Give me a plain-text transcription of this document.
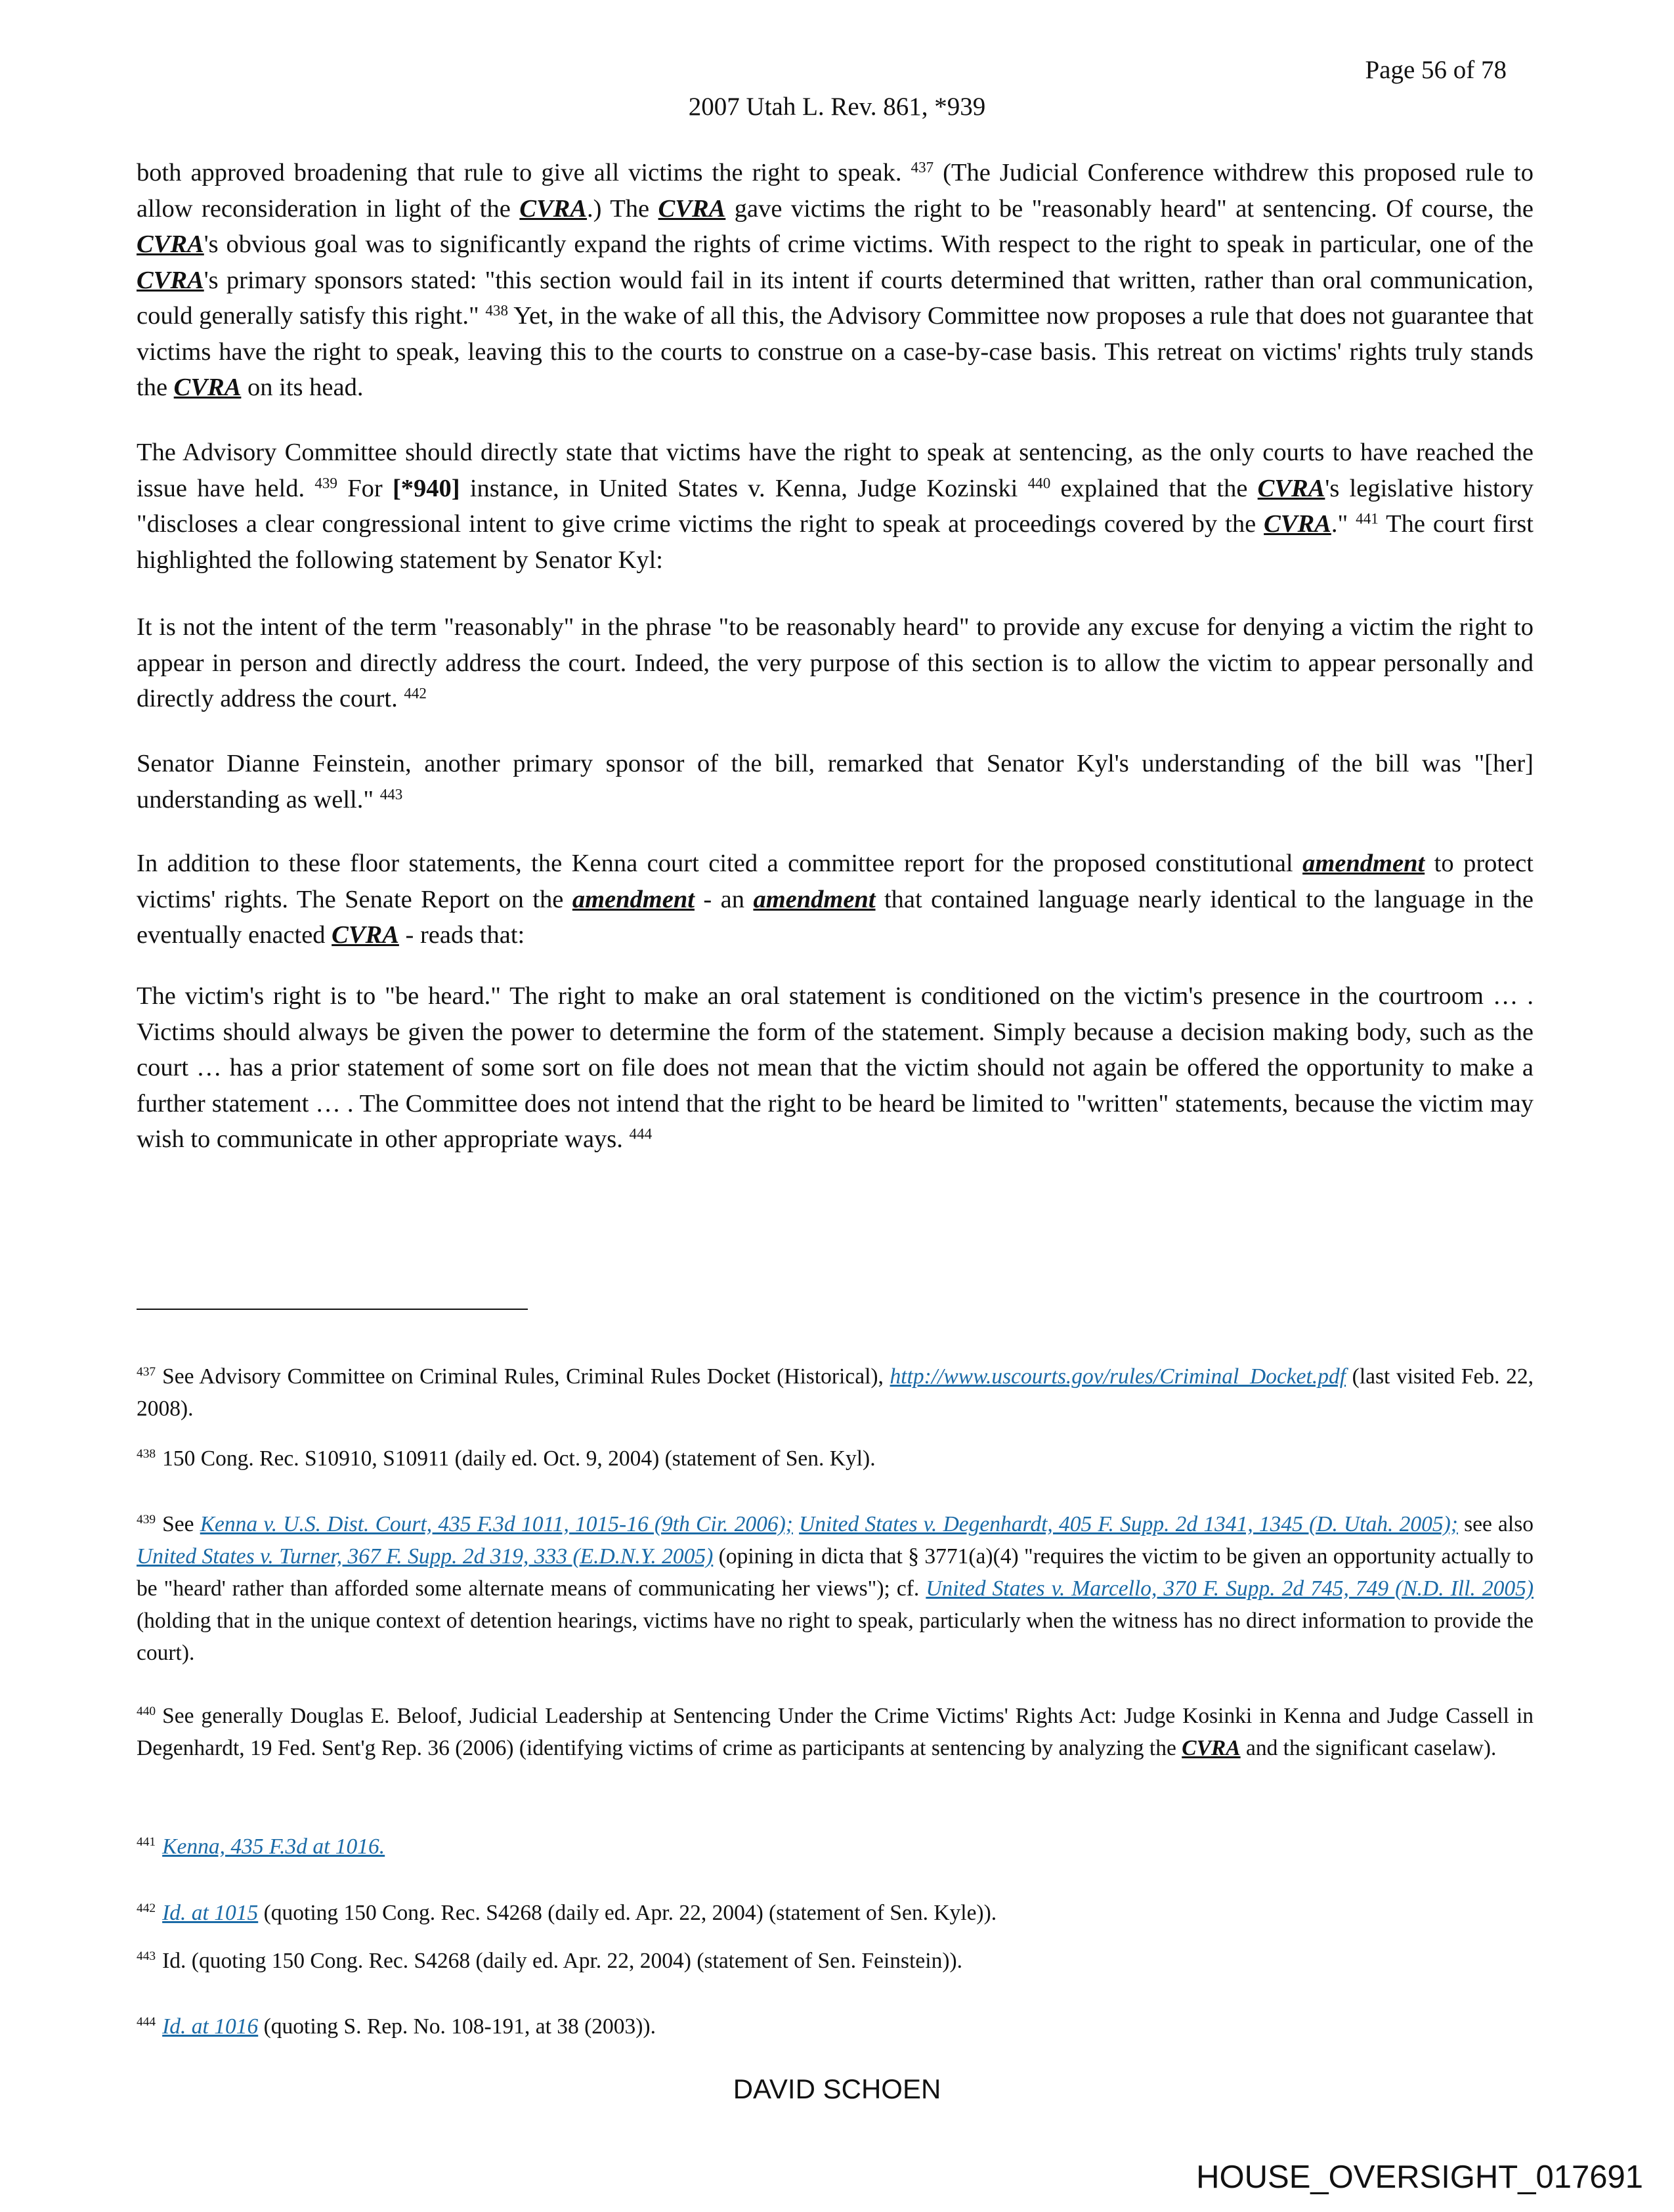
Page 56 of 78
2007 Utah L. Rev. 861, *939
both approved broadening that rule to give all victims the right to speak. $^{437}$ (The Judicial Conference withdrew this proposed rule to allow reconsideration in light of the CVRA.) The CVRA gave victims the right to be "reasonably heard" at sentencing. Of course, the CVRA's obvious goal was to significantly expand the rights of crime victims. With respect to the right to speak in particular, one of the CVRA's primary sponsors stated: "this section would fail in its intent if courts determined that written, rather than oral communication, could generally satisfy this right." $^{438}$ Yet, in the wake of all this, the Advisory Committee now proposes a rule that does not guarantee that victims have the right to speak, leaving this to the courts to construe on a case-by-case basis. This retreat on victims' rights truly stands the CVRA on its head.
The Advisory Committee should directly state that victims have the right to speak at sentencing, as the only courts to have reached the issue have held. $^{439}$ For [*940] instance, in United States v. Kenna, Judge Kozinski $^{440}$ explained that the CVRA's legislative history "discloses a clear congressional intent to give crime victims the right to speak at proceedings covered by the CVRA." $^{441}$ The court first highlighted the following statement by Senator Kyl:
It is not the intent of the term "reasonably" in the phrase "to be reasonably heard" to provide any excuse for denying a victim the right to appear in person and directly address the court. Indeed, the very purpose of this section is to allow the victim to appear personally and directly address the court. $^{442}$
Senator Dianne Feinstein, another primary sponsor of the bill, remarked that Senator Kyl's understanding of the bill was "[her] understanding as well." $^{443}$
In addition to these floor statements, the Kenna court cited a committee report for the proposed constitutional amendment to protect victims' rights. The Senate Report on the amendment - an amendment that contained language nearly identical to the language in the eventually enacted CVRA - reads that:
The victim's right is to "be heard." The right to make an oral statement is conditioned on the victim's presence in the courtroom … . Victims should always be given the power to determine the form of the statement. Simply because a decision making body, such as the court … has a prior statement of some sort on file does not mean that the victim should not again be offered the opportunity to make a further statement … . The Committee does not intend that the right to be heard be limited to "written" statements, because the victim may wish to communicate in other appropriate ways. $^{444}$
$^{437}$ See Advisory Committee on Criminal Rules, Criminal Rules Docket (Historical), http://www.uscourts.gov/rules/Criminal_Docket.pdf (last visited Feb. 22, 2008).
$^{438}$ 150 Cong. Rec. S10910, S10911 (daily ed. Oct. 9, 2004) (statement of Sen. Kyl).
$^{439}$ See Kenna v. U.S. Dist. Court, 435 F.3d 1011, 1015-16 (9th Cir. 2006); United States v. Degenhardt, 405 F. Supp. 2d 1341, 1345 (D. Utah. 2005); see also United States v. Turner, 367 F. Supp. 2d 319, 333 (E.D.N.Y. 2005) (opining in dicta that § 3771(a)(4) "requires the victim to be given an opportunity actually to be "heard' rather than afforded some alternate means of communicating her views"); cf. United States v. Marcello, 370 F. Supp. 2d 745, 749 (N.D. Ill. 2005) (holding that in the unique context of detention hearings, victims have no right to speak, particularly when the witness has no direct information to provide the court).
$^{440}$ See generally Douglas E. Beloof, Judicial Leadership at Sentencing Under the Crime Victims' Rights Act: Judge Kosinki in Kenna and Judge Cassell in Degenhardt, 19 Fed. Sent'g Rep. 36 (2006) (identifying victims of crime as participants at sentencing by analyzing the CVRA and the significant caselaw).
$^{441}$ Kenna, 435 F.3d at 1016.
$^{442}$ Id. at 1015 (quoting 150 Cong. Rec. S4268 (daily ed. Apr. 22, 2004) (statement of Sen. Kyle)).
$^{443}$ Id. (quoting 150 Cong. Rec. S4268 (daily ed. Apr. 22, 2004) (statement of Sen. Feinstein)).
$^{444}$ Id. at 1016 (quoting S. Rep. No. 108-191, at 38 (2003)).
DAVID SCHOEN
HOUSE_OVERSIGHT_017691
